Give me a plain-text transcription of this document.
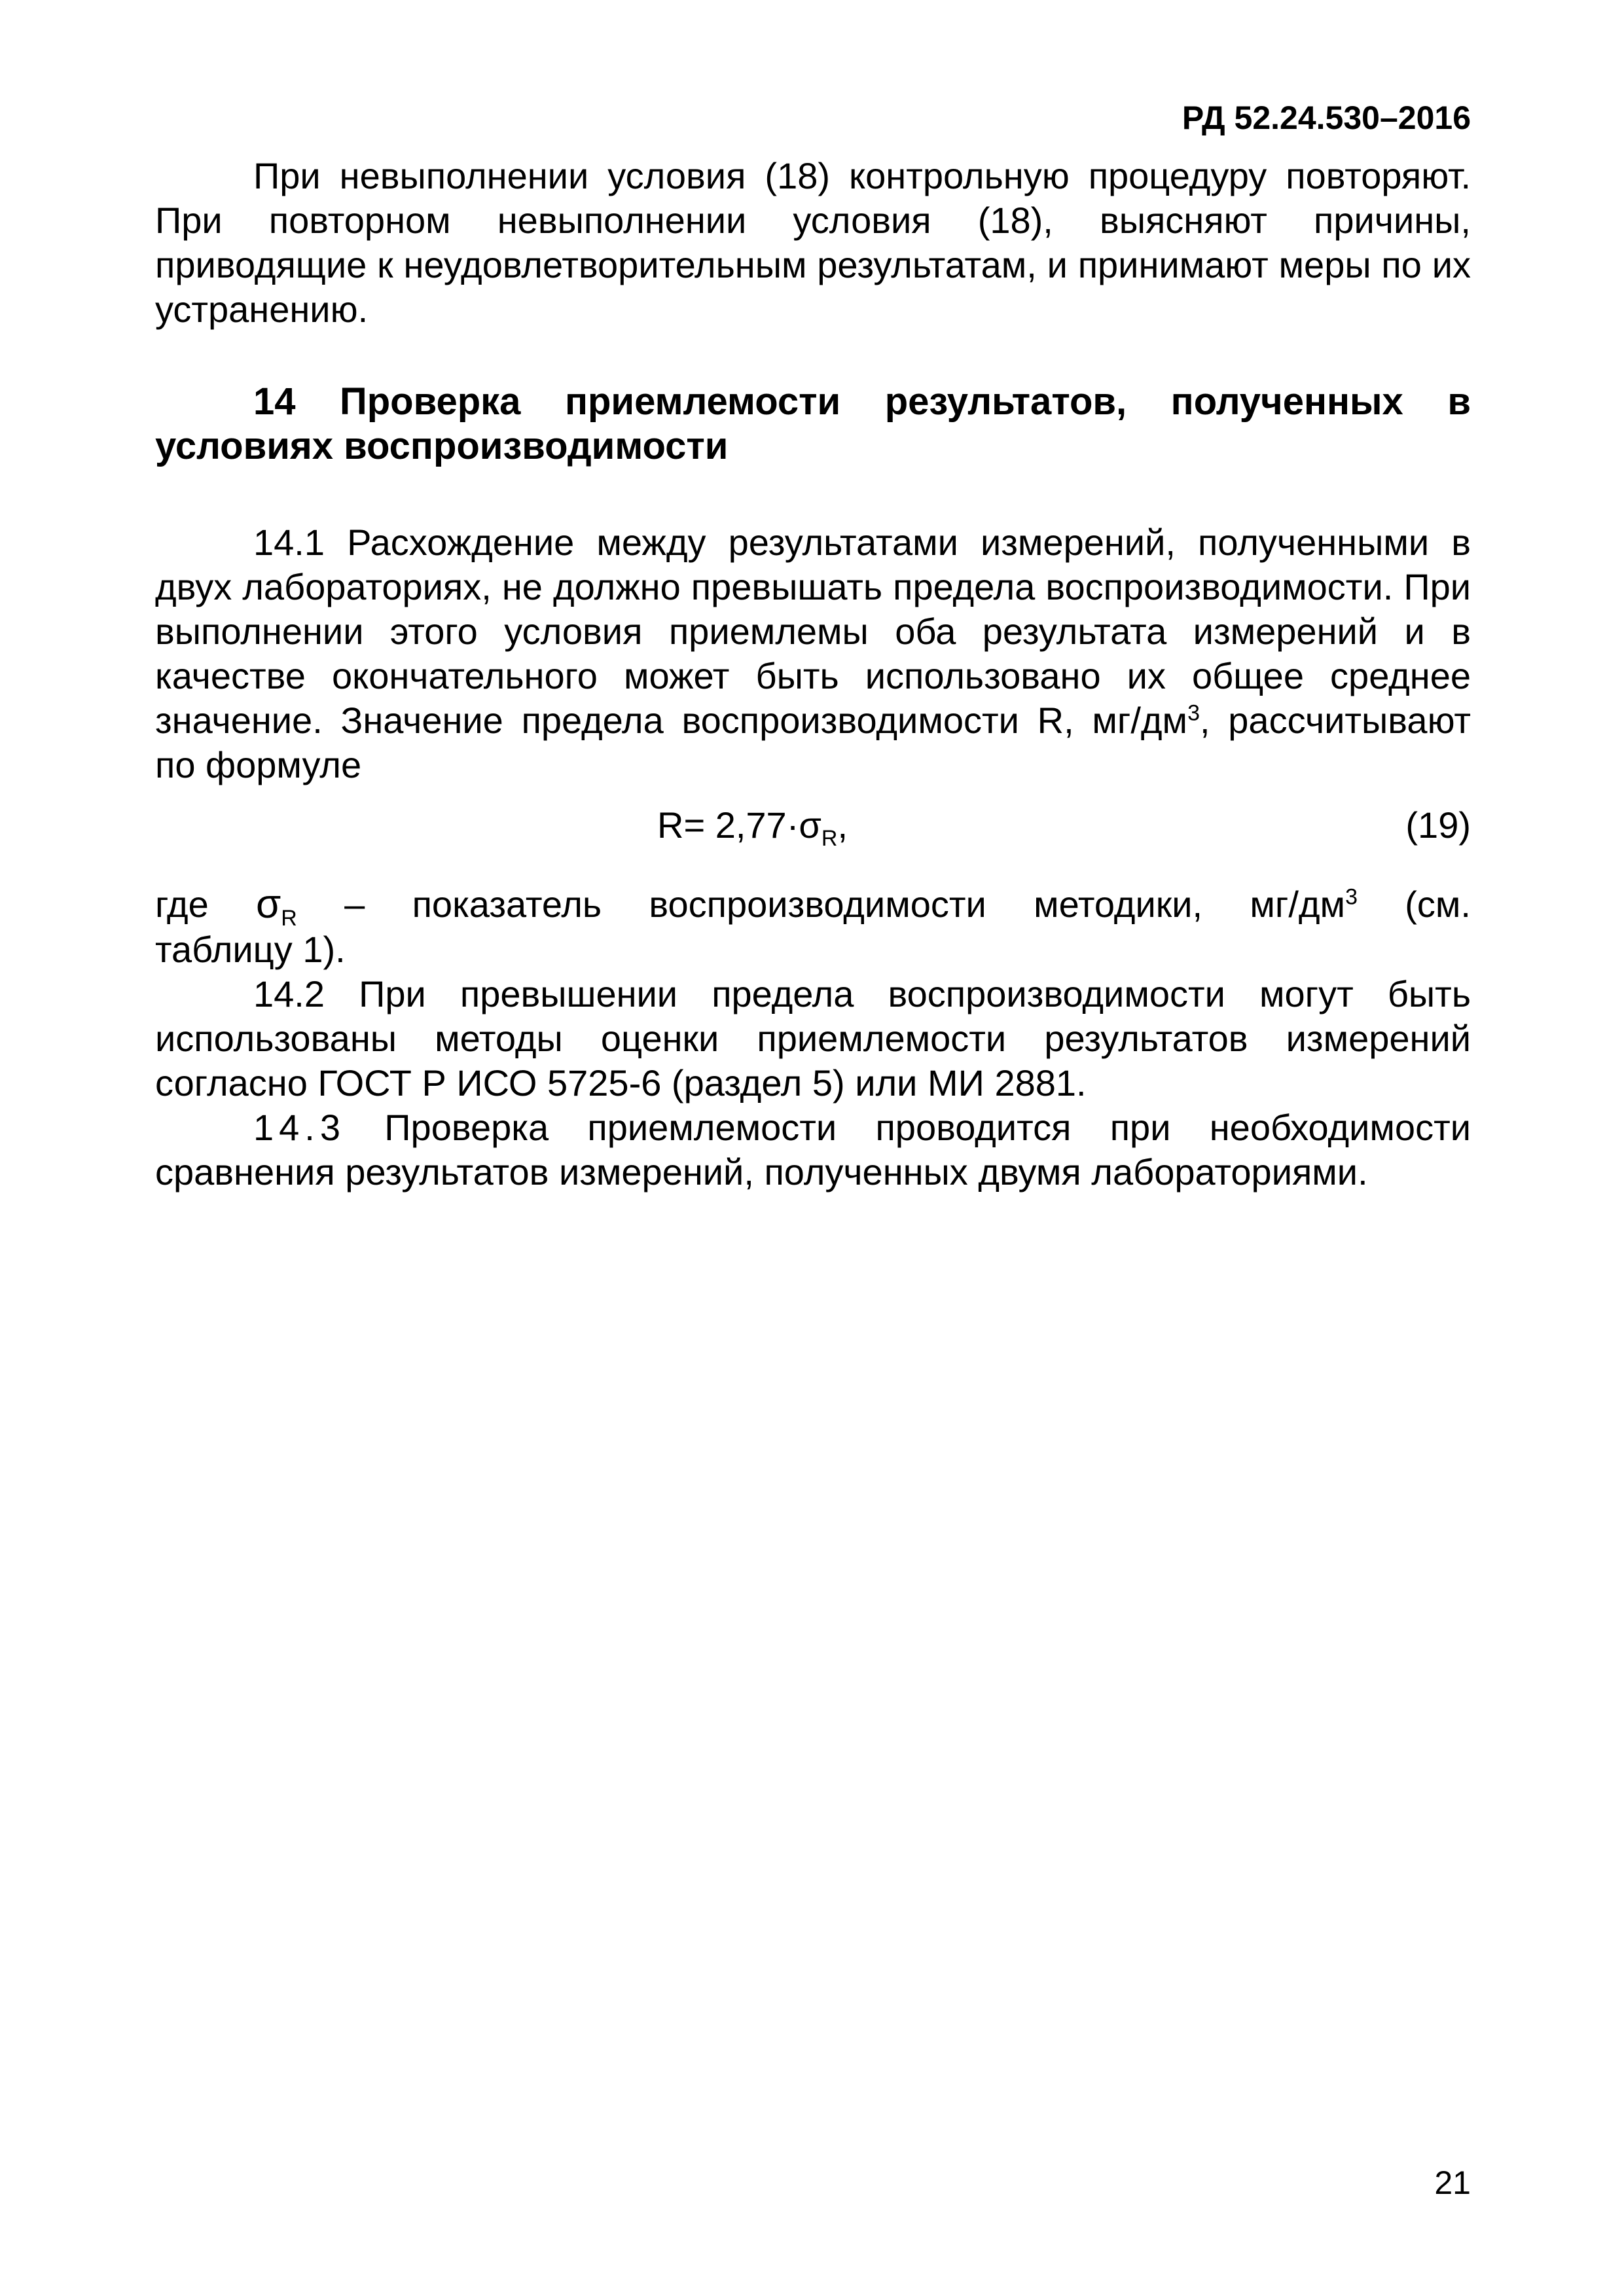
РД 52.24.530–2016

При невыполнении условия (18) контрольную процедуру повторяют. При повторном невыполнении условия (18), выясняют причины, приводящие к неудовлетворительным результатам, и принимают меры по их устранению.

14 Проверка приемлемости результатов, полученных в условиях воспроизводимости

14.1 Расхождение между результатами измерений, полученными в двух лабораториях, не должно превышать предела воспроизводимости. При выполнении этого условия приемлемы оба результата измерений и в качестве окончательного может быть использовано их общее среднее значение. Значение предела воспроизводимости R, $мг/дм^3$, рассчитывают по формуле

$R= 2,77\cdot\sigma_R$,	(19)
где $\sigma_R$ – показатель воспроизводимости методики, $мг/дм^3$ (см.

таблицу 1).

14.2 При превышении предела воспроизводимости могут быть использованы методы оценки приемлемости результатов измерений согласно ГОСТ Р ИСО 5725-6 (раздел 5) или МИ 2881.

14.3 Проверка приемлемости проводится при необходимости сравнения результатов измерений, полученных двумя лабораториями.

21
